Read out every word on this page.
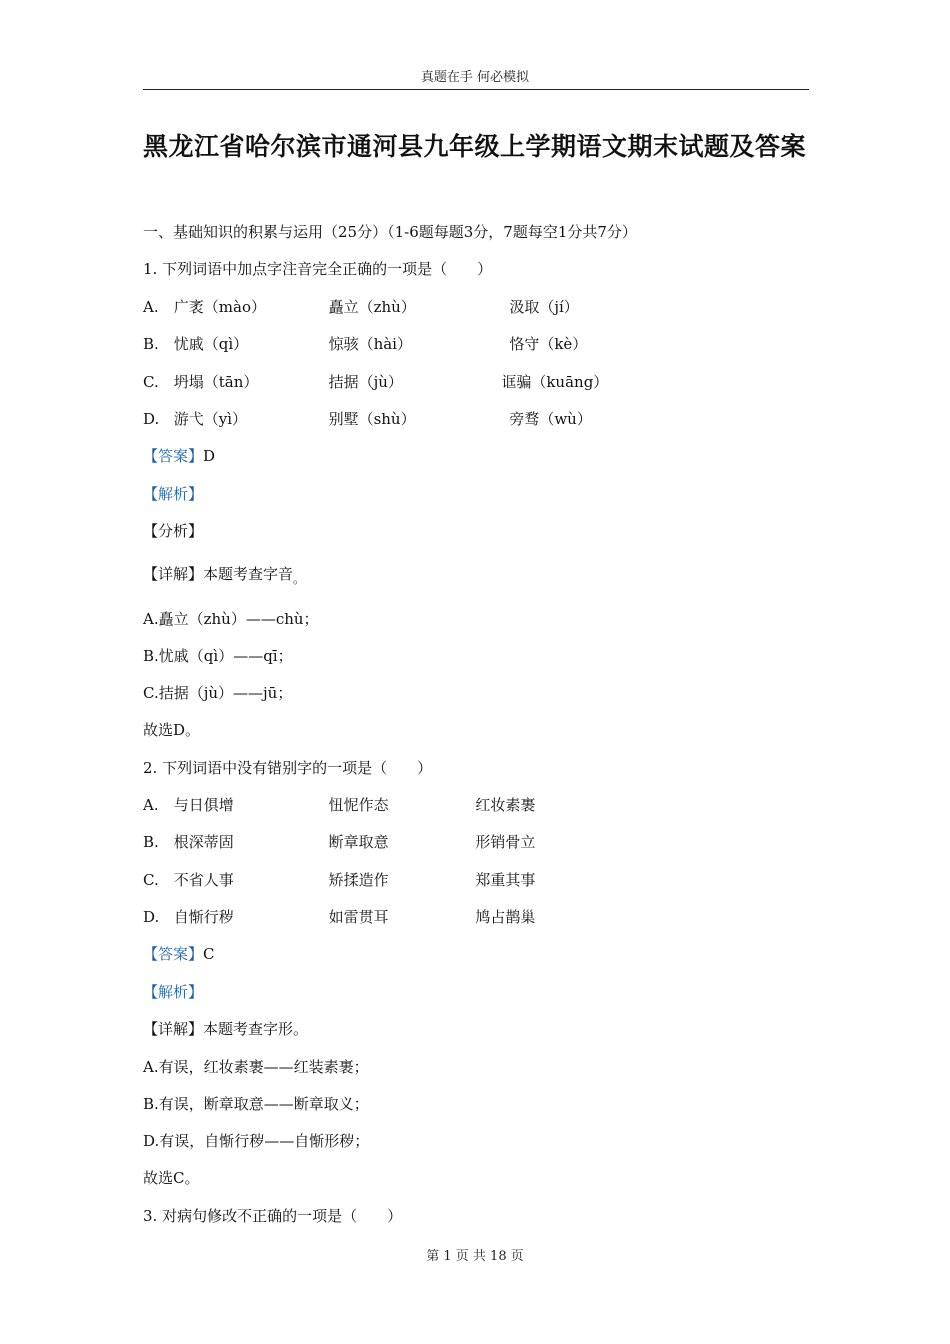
真题在手 何必模拟
黑龙江省哈尔滨市通河县九年级上学期语文期末试题及答案
一、基础知识的积累与运用（25分）（1-6题每题3分，7题每空1分共7分）
1. 下列词语中加点字注音完全正确的一项是（　　）
A. 广袤（mào）	矗立（zhù）	汲取（jí）
B. 忧戚（qì）	惊骇（hài）	恪守（kè）
C. 坍塌（tān）	拮据（jù）	诓骗（kuāng）
D. 游弋（yì）	别墅（shù）	旁骛（wù）
【答案】D
【解析】
【分析】
【详解】本题考查字音$_。$
A.矗立（zhù）——chù；
B.忧戚（qì）——qī；
C.拮据（jù）——jū；
故选D。
2. 下列词语中没有错别字的一项是（　　）
A. 与日俱增	忸怩作态	红妆素裹
B. 根深蒂固	断章取意	形销骨立
C. 不省人事	矫揉造作	郑重其事
D. 自惭行秽	如雷贯耳	鸠占鹊巢
【答案】C
【解析】
【详解】本题考查字形。
A.有误，红妆素裹——红装素裹；
B.有误，断章取意——断章取义；
D.有误，自惭行秽——自惭形秽；
故选C。
3. 对病句修改不正确的一项是（　　）
第 1 页 共 18 页
